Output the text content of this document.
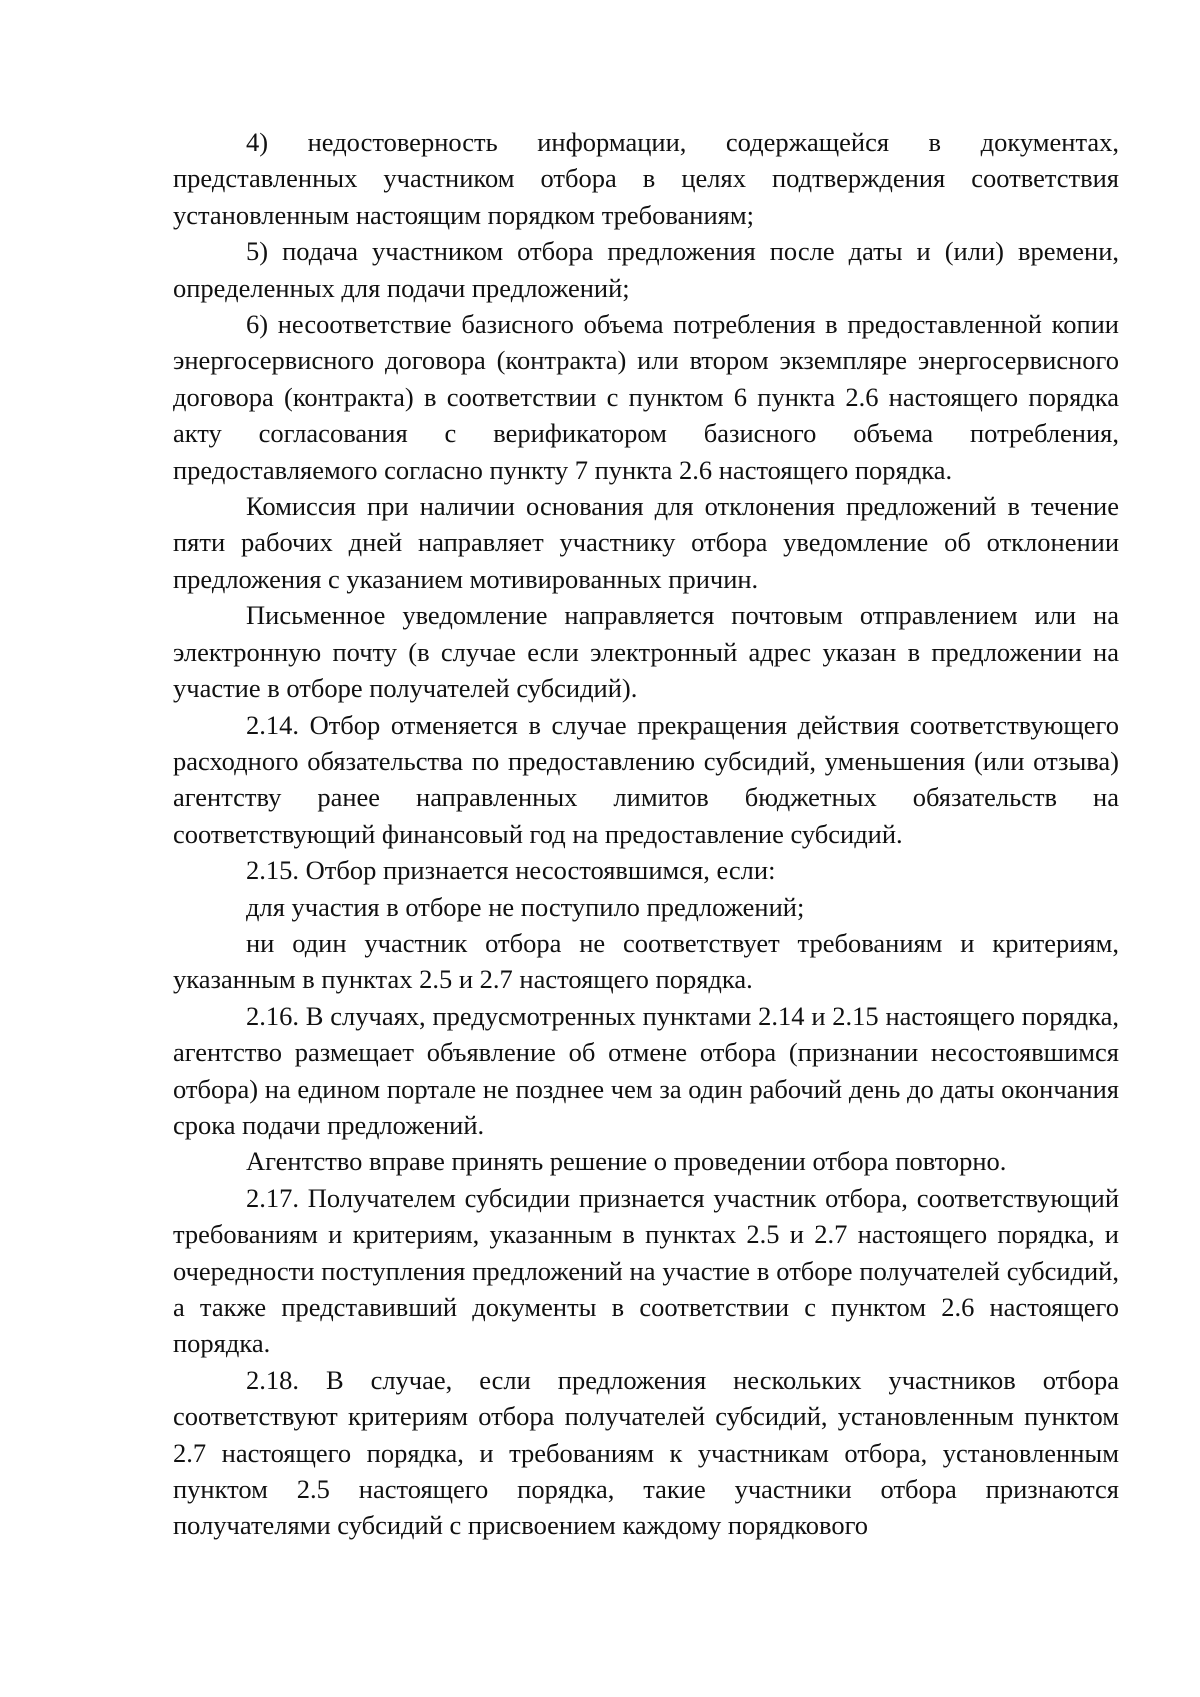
4) недостоверность информации, содержащейся в документах, представленных участником отбора в целях подтверждения соответствия установленным настоящим порядком требованиям;

5) подача участником отбора предложения после даты и (или) времени, определенных для подачи предложений;

6) несоответствие базисного объема потребления в предоставленной копии энергосервисного договора (контракта) или втором экземпляре энергосервисного договора (контракта) в соответствии с пунктом 6 пункта 2.6 настоящего порядка акту согласования с верификатором базисного объема потребления, предоставляемого согласно пункту 7 пункта 2.6 настоящего порядка.

Комиссия при наличии основания для отклонения предложений в течение пяти рабочих дней направляет участнику отбора уведомление об отклонении предложения с указанием мотивированных причин.

Письменное уведомление направляется почтовым отправлением или на электронную почту (в случае если электронный адрес указан в предложении на участие в отборе получателей субсидий).

2.14. Отбор отменяется в случае прекращения действия соответствующего расходного обязательства по предоставлению субсидий, уменьшения (или отзыва) агентству ранее направленных лимитов бюджетных обязательств на соответствующий финансовый год на предоставление субсидий.

2.15. Отбор признается несостоявшимся, если:

для участия в отборе не поступило предложений;

ни один участник отбора не соответствует требованиям и критериям, указанным в пунктах 2.5 и 2.7 настоящего порядка.

2.16. В случаях, предусмотренных пунктами 2.14 и 2.15 настоящего порядка, агентство размещает объявление об отмене отбора (признании несостоявшимся отбора) на едином портале не позднее чем за один рабочий день до даты окончания срока подачи предложений.

Агентство вправе принять решение о проведении отбора повторно.

2.17. Получателем субсидии признается участник отбора, соответствующий требованиям и критериям, указанным в пунктах 2.5 и 2.7 настоящего порядка, и очередности поступления предложений на участие в отборе получателей субсидий, а также представивший документы в соответствии с пунктом 2.6 настоящего порядка.

2.18. В случае, если предложения нескольких участников отбора соответствуют критериям отбора получателей субсидий, установленным пунктом 2.7 настоящего порядка, и требованиям к участникам отбора, установленным пунктом 2.5 настоящего порядка, такие участники отбора признаются получателями субсидий с присвоением каждому порядкового
